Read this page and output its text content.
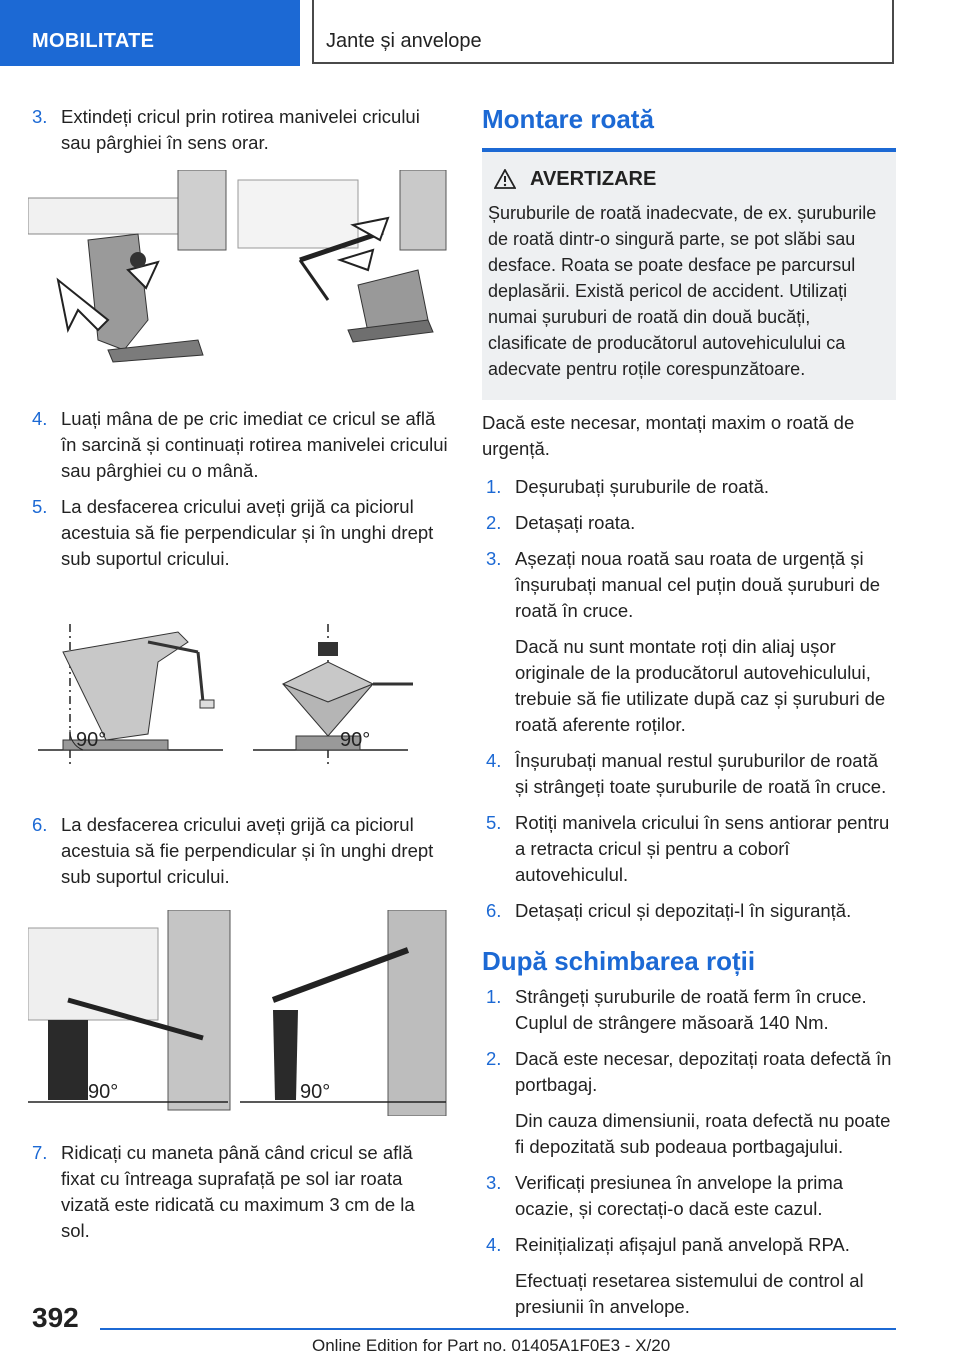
MOBILITATE	Jante și anvelope
3. Extindeți cricul prin rotirea manivelei cricului sau pârghiei în sens orar.
4. Luați mâna de pe cric imediat ce cricul se află în sarcină și continuați rotirea manivelei cricului sau pârghiei cu o mână.
5. La desfacerea cricului aveți grijă ca piciorul acestuia să fie perpendicular și în unghi drept sub suportul cricului.
90°	90°
6. La desfacerea cricului aveți grijă ca piciorul acestuia să fie perpendicular și în unghi drept sub suportul cricului.
90°	90°
7. Ridicați cu maneta până când cricul se află fixat cu întreaga suprafață pe sol iar roata vizată este ridicată cu maximum 3 cm de la sol.
Montare roată
AVERTIZARE
Șuruburile de roată inadecvate, de ex. șuruburile de roată dintr-o singură parte, se pot slăbi sau desface. Roata se poate desface pe parcursul deplasării. Există pericol de accident. Utilizați numai șuruburi de roată din două bucăți, clasificate de producătorul autovehiculului ca adecvate pentru roțile corespunzătoare.
Dacă este necesar, montați maxim o roată de urgență.
1. Deșurubați șuruburile de roată.
2. Detașați roata.
3. Așezați noua roată sau roata de urgență și înșurubați manual cel puțin două șuruburi de roată în cruce.
Dacă nu sunt montate roți din aliaj ușor originale de la producătorul autovehiculului, trebuie să fie utilizate după caz și șuruburi de roată aferente roților.
4. Înșurubați manual restul șuruburilor de roată și strângeți toate șuruburile de roată în cruce.
5. Rotiți manivela cricului în sens antiorar pentru a retracta cricul și pentru a coborî autovehiculul.
6. Detașați cricul și depozitați-l în siguranță.
După schimbarea roții
1. Strângeți șuruburile de roată ferm în cruce. Cuplul de strângere măsoară 140 Nm.
2. Dacă este necesar, depozitați roata defectă în portbagaj.
Din cauza dimensiunii, roata defectă nu poate fi depozitată sub podeaua portbagajului.
3. Verificați presiunea în anvelope la prima ocazie, și corectați-o dacă este cazul.
4. Reinițializați afișajul pană anvelopă RPA.
Efectuați resetarea sistemului de control al presiunii în anvelope.
392
Online Edition for Part no. 01405A1F0E3 - X/20
